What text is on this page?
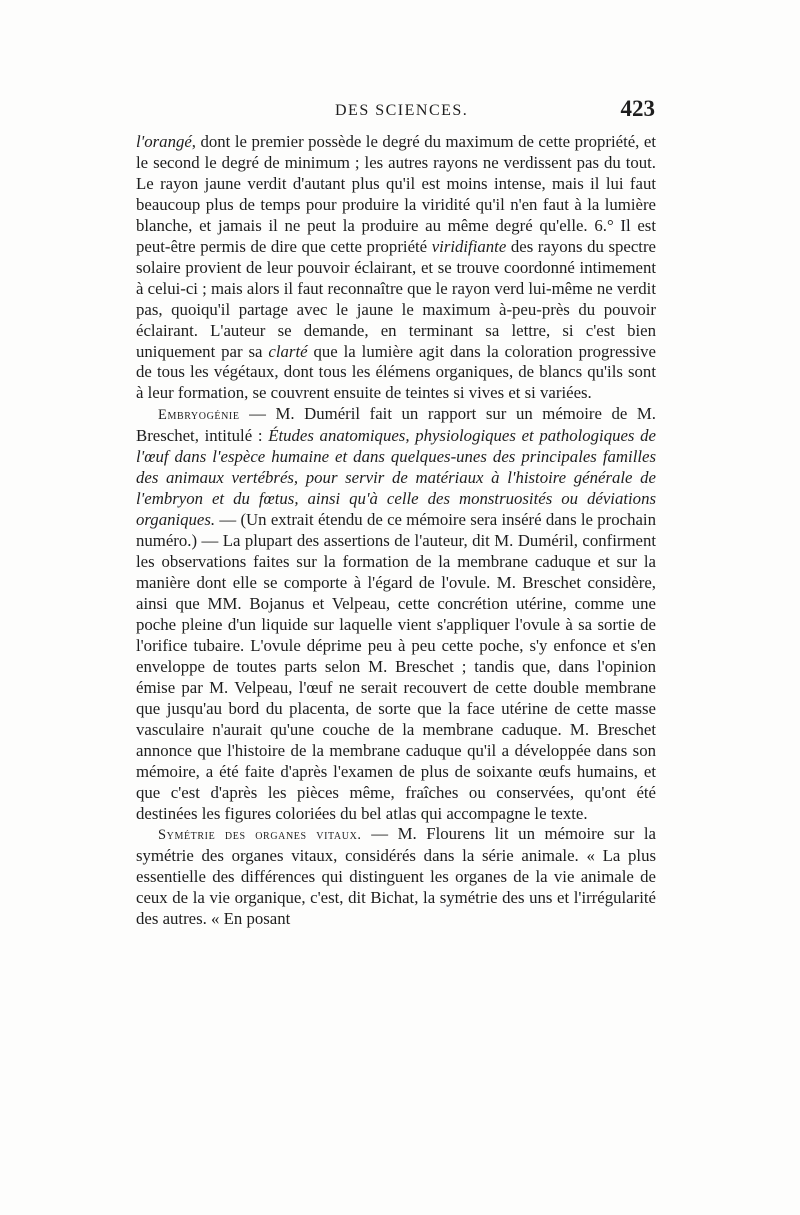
DES SCIENCES.	423

l'orangé, dont le premier possède le degré du maximum de cette propriété, et le second le degré de minimum ; les autres rayons ne verdissent pas du tout. Le rayon jaune verdit d'autant plus qu'il est moins intense, mais il lui faut beaucoup plus de temps pour produire la viridité qu'il n'en faut à la lumière blanche, et jamais il ne peut la produire au même degré qu'elle. 6.° Il est peut-être permis de dire que cette propriété viridifiante des rayons du spectre solaire provient de leur pouvoir éclairant, et se trouve coordonné intimement à celui-ci ; mais alors il faut reconnaître que le rayon verd lui-même ne verdit pas, quoiqu'il partage avec le jaune le maximum à-peu-près du pouvoir éclairant. L'auteur se demande, en terminant sa lettre, si c'est bien uniquement par sa clarté que la lumière agit dans la coloration progressive de tous les végétaux, dont tous les élémens organiques, de blancs qu'ils sont à leur formation, se couvrent ensuite de teintes si vives et si variées.

Embryogénie — M. Duméril fait un rapport sur un mémoire de M. Breschet, intitulé : Études anatomiques, physiologiques et pathologiques de l'œuf dans l'espèce humaine et dans quelques-unes des principales familles des animaux vertébrés, pour servir de matériaux à l'histoire générale de l'embryon et du fœtus, ainsi qu'à celle des monstruosités ou déviations organiques. — (Un extrait étendu de ce mémoire sera inséré dans le prochain numéro.) — La plupart des assertions de l'auteur, dit M. Duméril, confirment les observations faites sur la formation de la membrane caduque et sur la manière dont elle se comporte à l'égard de l'ovule. M. Breschet considère, ainsi que MM. Bojanus et Velpeau, cette concrétion utérine, comme une poche pleine d'un liquide sur laquelle vient s'appliquer l'ovule à sa sortie de l'orifice tubaire. L'ovule déprime peu à peu cette poche, s'y enfonce et s'en enveloppe de toutes parts selon M. Breschet ; tandis que, dans l'opinion émise par M. Velpeau, l'œuf ne serait recouvert de cette double membrane que jusqu'au bord du placenta, de sorte que la face utérine de cette masse vasculaire n'aurait qu'une couche de la membrane caduque. M. Breschet annonce que l'histoire de la membrane caduque qu'il a développée dans son mémoire, a été faite d'après l'examen de plus de soixante œufs humains, et que c'est d'après les pièces même, fraîches ou conservées, qu'ont été destinées les figures coloriées du bel atlas qui accompagne le texte.

Symétrie des organes vitaux. — M. Flourens lit un mémoire sur la symétrie des organes vitaux, considérés dans la série animale. « La plus essentielle des différences qui distinguent les organes de la vie animale de ceux de la vie organique, c'est, dit Bichat, la symétrie des uns et l'irrégularité des autres. « En posant
